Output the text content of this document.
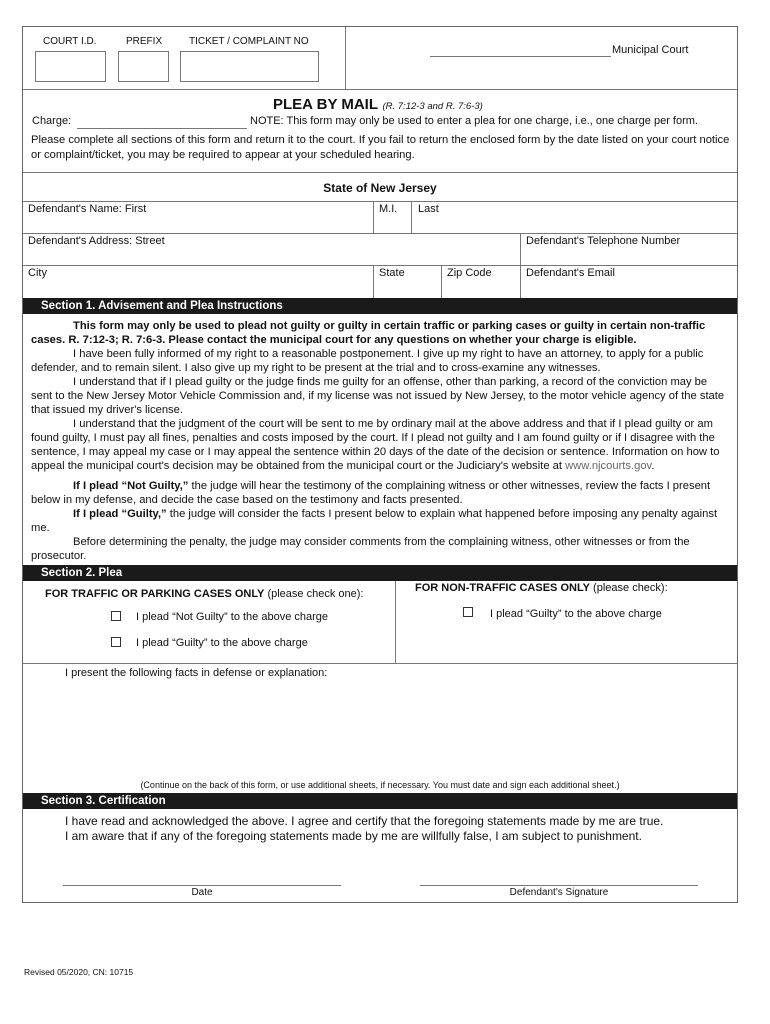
COURT I.D.	PREFIX	TICKET / COMPLAINT NO
Municipal Court
PLEA BY MAIL (R. 7:12-3 and R. 7:6-3)
Charge:	NOTE: This form may only be used to enter a plea for one charge, i.e., one charge per form.
Please complete all sections of this form and return it to the court. If you fail to return the enclosed form by the date listed on your court notice or complaint/ticket, you may be required to appear at your scheduled hearing.
State of New Jersey
Defendant's Name: First	M.I. Last
Defendant's Address: Street	Defendant's Telephone Number
City	State	Zip Code	Defendant's Email
Section 1. Advisement and Plea Instructions

This form may only be used to plead not guilty or guilty in certain traffic or parking cases or guilty in certain non-traffic cases. R. 7:12-3; R. 7:6-3. Please contact the municipal court for any questions on whether your charge is eligible.

I have been fully informed of my right to a reasonable postponement. I give up my right to have an attorney, to apply for a public defender, and to remain silent. I also give up my right to be present at the trial and to cross-examine any witnesses.

I understand that if I plead guilty or the judge finds me guilty for an offense, other than parking, a record of the conviction may be sent to the New Jersey Motor Vehicle Commission and, if my license was not issued by New Jersey, to the motor vehicle agency of the state that issued my driver's license.

I understand that the judgment of the court will be sent to me by ordinary mail at the above address and that if I plead guilty or am found guilty, I must pay all fines, penalties and costs imposed by the court. If I plead not guilty and I am found guilty or if I disagree with the sentence, I may appeal my case or I may appeal the sentence within 20 days of the date of the decision or sentence. Information on how to appeal the municipal court's decision may be obtained from the municipal court or the Judiciary's website at www.njcourts.gov.

If I plead “Not Guilty,” the judge will hear the testimony of the complaining witness or other witnesses, review the facts I present below in my defense, and decide the case based on the testimony and facts presented.

If I plead “Guilty,” the judge will consider the facts I present below to explain what happened before imposing any penalty against me.

Before determining the penalty, the judge may consider comments from the complaining witness, other witnesses or from the prosecutor.

Section 2. Plea
FOR TRAFFIC OR PARKING CASES ONLY (please check one):
I plead “Not Guilty” to the above charge
I plead “Guilty” to the above charge
FOR NON-TRAFFIC CASES ONLY (please check):
I plead “Guilty” to the above charge
I present the following facts in defense or explanation:
(Continue on the back of this form, or use additional sheets, if necessary. You must date and sign each additional sheet.)
Section 3. Certification
I have read and acknowledged the above. I agree and certify that the foregoing statements made by me are true.
I am aware that if any of the foregoing statements made by me are willfully false, I am subject to punishment.
Date	Defendant's Signature
Revised 05/2020, CN: 10715
